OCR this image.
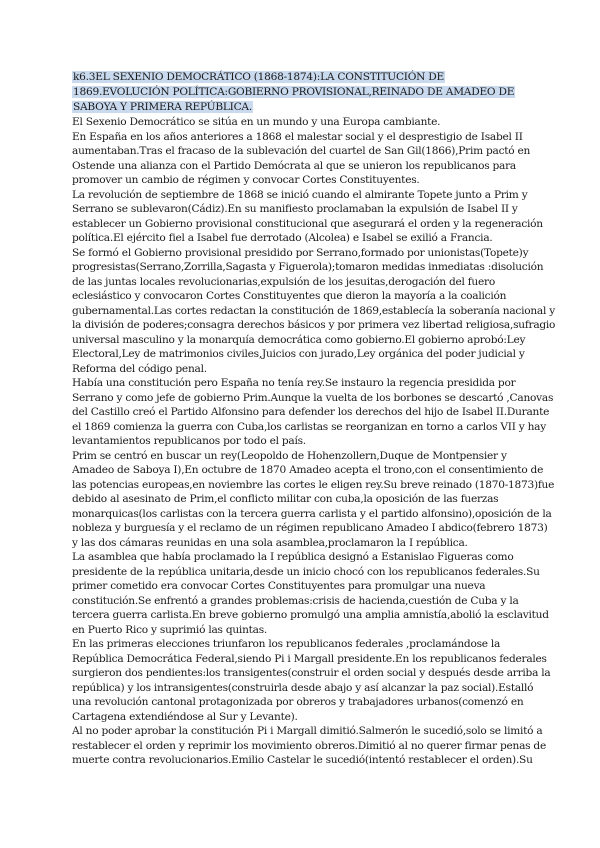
k6.3EL SEXENIO DEMOCRÁTICO (1868-1874):LA CONSTITUCIÓN DE
1869.EVOLUCIÓN POLÍTICA:GOBIERNO PROVISIONAL,REINADO DE AMADEO DE
SABOYA Y PRIMERA REPÚBLICA.
El Sexenio Democrático se sitúa en un mundo y una Europa cambiante.
En España en los años anteriores a 1868 el malestar social y el desprestigio de Isabel II
aumentaban.Tras el fracaso de la sublevación del cuartel de San Gil(1866),Prim pactó en
Ostende una alianza con el Partido Demócrata al que se unieron los republicanos para
promover un cambio de régimen y convocar Cortes Constituyentes.
La revolución de septiembre de 1868 se inició cuando el almirante Topete junto a Prim y
Serrano se sublevaron(Cádiz).En su manifiesto proclamaban la expulsión de Isabel II y
establecer un Gobierno provisional constitucional que asegurará el orden y la regeneración
política.El ejército fiel a Isabel fue derrotado (Alcolea) e Isabel se exilió a Francia.
Se formó el Gobierno provisional presidido por Serrano,formado por unionistas(Topete)y
progresistas(Serrano,Zorrilla,Sagasta y Figuerola);tomaron medidas inmediatas :disolución
de las juntas locales revolucionarias,expulsión de los jesuitas,derogación del fuero
eclesiástico y convocaron Cortes Constituyentes que dieron la mayoría a la coalición
gubernamental.Las cortes redactan la constitución de 1869,establecía la soberanía nacional y
la división de poderes;consagra derechos básicos y por primera vez libertad religiosa,sufragio
universal masculino y la monarquía democrática como gobierno.El gobierno aprobó:Ley
Electoral,Ley de matrimonios civiles,Juicios con jurado,Ley orgánica del poder judicial y
Reforma del código penal.
Había una constitución pero España no tenía rey.Se instauro la regencia presidida por
Serrano y como jefe de gobierno Prim.Aunque la vuelta de los borbones se descartó ,Canovas
del Castillo creó el Partido Alfonsino para defender los derechos del hijo de Isabel II.Durante
el 1869 comienza la guerra con Cuba,los carlistas se reorganizan en torno a carlos VII y hay
levantamientos republicanos por todo el país.
Prim se centró en buscar un rey(Leopoldo de Hohenzollern,Duque de Montpensier y
Amadeo de Saboya I),En octubre de 1870 Amadeo acepta el trono,con el consentimiento de
las potencias europeas,en noviembre las cortes le eligen rey.Su breve reinado (1870-1873)fue
debido al asesinato de Prim,el conflicto militar con cuba,la oposición de las fuerzas
monarquicas(los carlistas con la tercera guerra carlista y el partido alfonsino),oposición de la
nobleza y burguesía y el reclamo de un régimen republicano Amadeo I abdico(febrero 1873)
y las dos cámaras reunidas en una sola asamblea,proclamaron la I república.
La asamblea que había proclamado la I república designó a Estanislao Figueras como
presidente de la república unitaria,desde un inicio chocó con los republicanos federales.Su
primer cometido era convocar Cortes Constituyentes para promulgar una nueva
constitución.Se enfrentó a grandes problemas:crisis de hacienda,cuestión de Cuba y la
tercera guerra carlista.En breve gobierno promulgó una amplia amnistía,abolió la esclavitud
en Puerto Rico y suprimió las quintas.
En las primeras elecciones triunfaron los republicanos federales ,proclamándose la
República Democrática Federal,siendo Pi i Margall presidente.En los republicanos federales
surgieron dos pendientes:los transigentes(construir el orden social y después desde arriba la
república) y los intransigentes(construirla desde abajo y así alcanzar la paz social).Estalló
una revolución cantonal protagonizada por obreros y trabajadores urbanos(comenzó en
Cartagena extendiéndose al Sur y Levante).
Al no poder aprobar la constitución Pi i Margall dimitió.Salmerón le sucedió,solo se limitó a
restablecer el orden y reprimir los movimiento obreros.Dimitió al no querer firmar penas de
muerte contra revolucionarios.Emilio Castelar le sucedió(intentó restablecer el orden).Su
